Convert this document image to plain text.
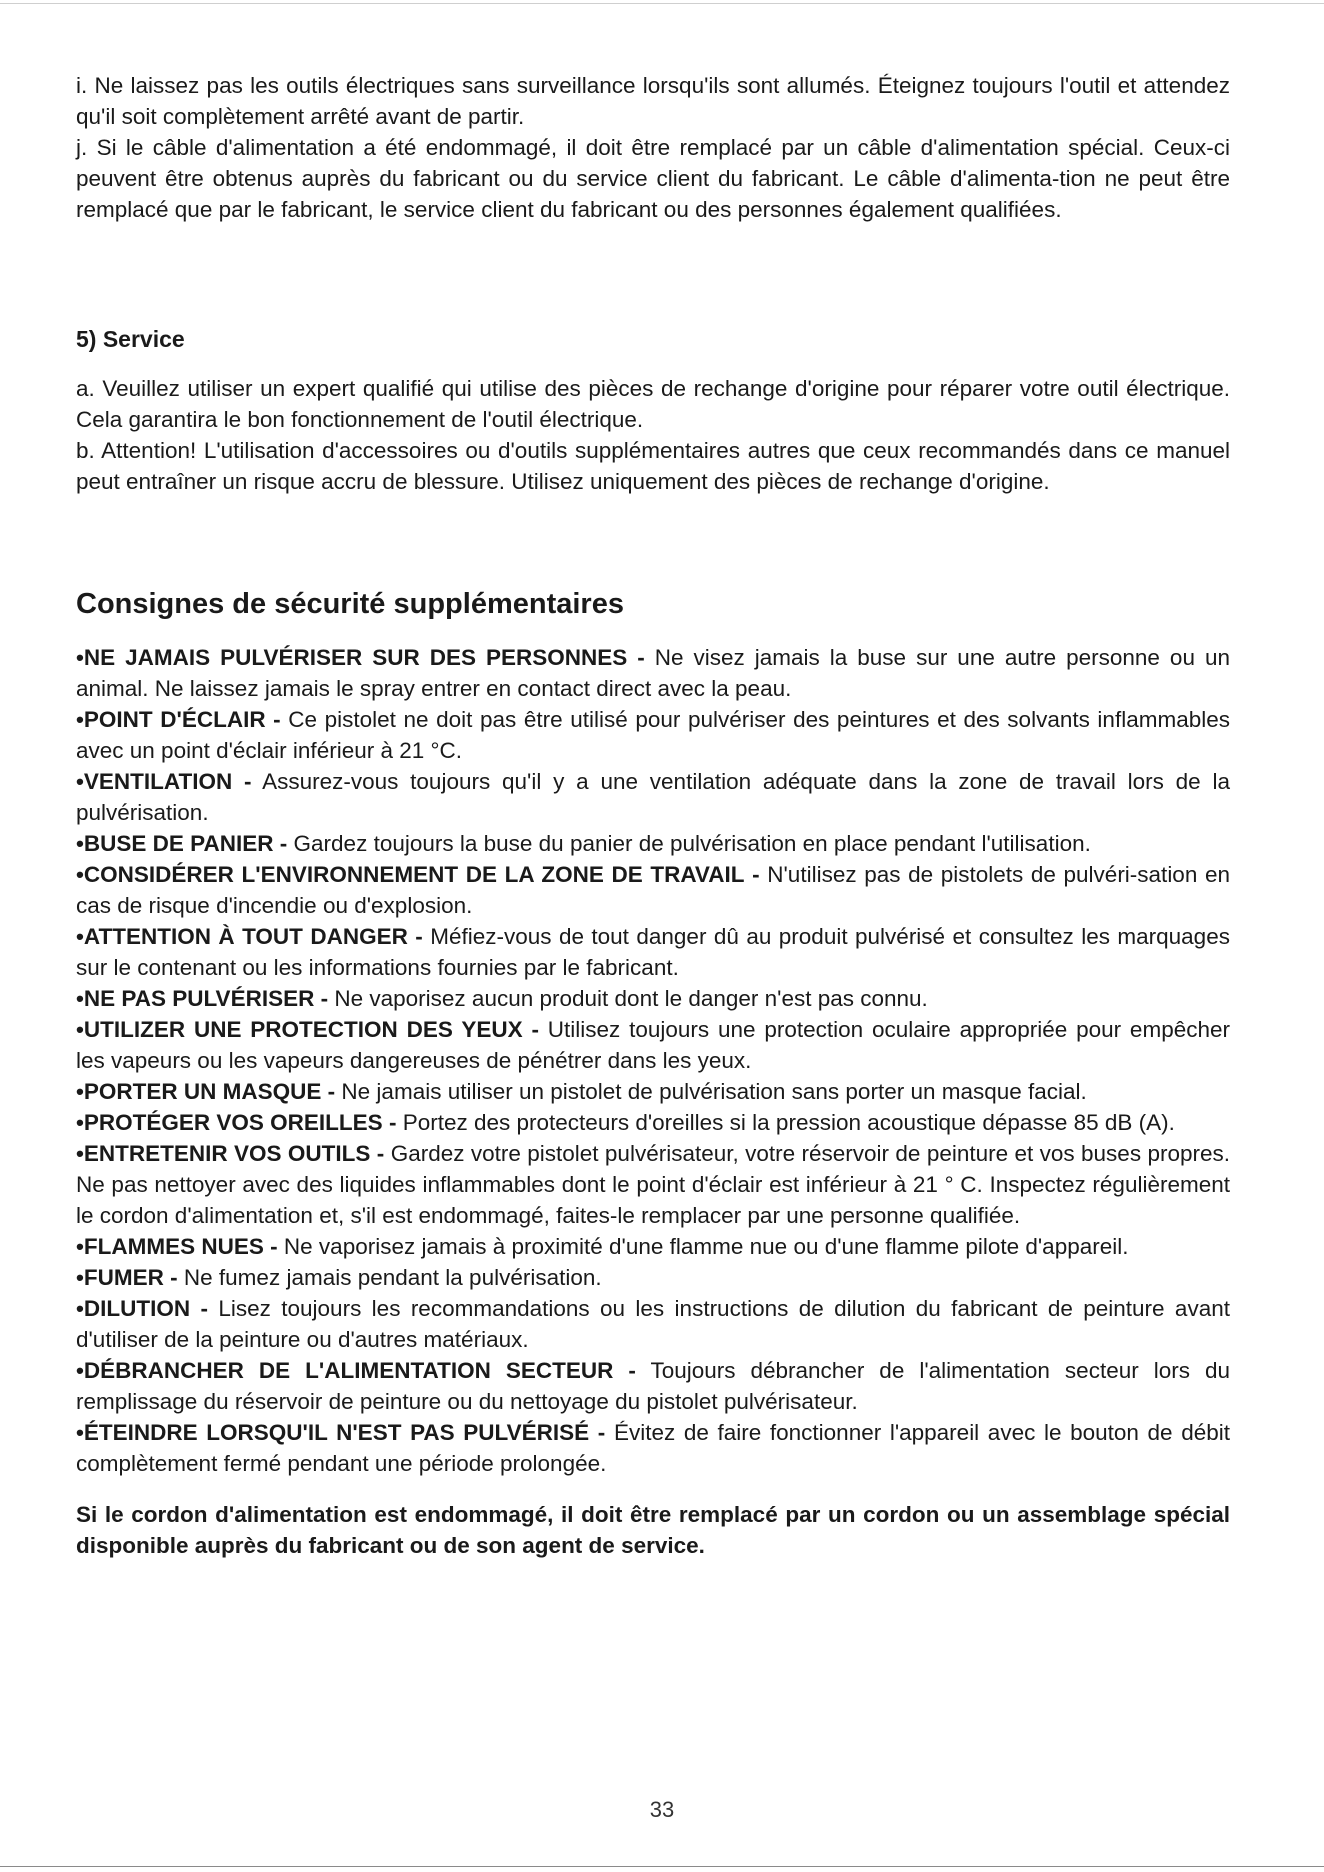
i. Ne laissez pas les outils électriques sans surveillance lorsqu'ils sont allumés. Éteignez toujours l'outil et attendez qu'il soit complètement arrêté avant de partir.

j. Si le câble d'alimentation a été endommagé, il doit être remplacé par un câble d'alimentation spécial. Ceux-ci peuvent être obtenus auprès du fabricant ou du service client du fabricant. Le câble d'alimenta-tion ne peut être remplacé que par le fabricant, le service client du fabricant ou des personnes également qualifiées.

5) Service

a. Veuillez utiliser un expert qualifié qui utilise des pièces de rechange d'origine pour réparer votre outil électrique. Cela garantira le bon fonctionnement de l'outil électrique.

b. Attention! L'utilisation d'accessoires ou d'outils supplémentaires autres que ceux recommandés dans ce manuel peut entraîner un risque accru de blessure. Utilisez uniquement des pièces de rechange d'origine.

Consignes de sécurité supplémentaires

•NE JAMAIS PULVÉRISER SUR DES PERSONNES - Ne visez jamais la buse sur une autre personne ou un animal. Ne laissez jamais le spray entrer en contact direct avec la peau.

•POINT D'ÉCLAIR - Ce pistolet ne doit pas être utilisé pour pulvériser des peintures et des solvants inflammables avec un point d'éclair inférieur à 21 °C.

•VENTILATION - Assurez-vous toujours qu'il y a une ventilation adéquate dans la zone de travail lors de la pulvérisation.

•BUSE DE PANIER - Gardez toujours la buse du panier de pulvérisation en place pendant l'utilisation.

•CONSIDÉRER L'ENVIRONNEMENT DE LA ZONE DE TRAVAIL - N'utilisez pas de pistolets de pulvéri-sation en cas de risque d'incendie ou d'explosion.

•ATTENTION À TOUT DANGER - Méfiez-vous de tout danger dû au produit pulvérisé et consultez les marquages sur le contenant ou les informations fournies par le fabricant.

•NE PAS PULVÉRISER - Ne vaporisez aucun produit dont le danger n'est pas connu.

•UTILIZER UNE PROTECTION DES YEUX - Utilisez toujours une protection oculaire appropriée pour empêcher les vapeurs ou les vapeurs dangereuses de pénétrer dans les yeux.

•PORTER UN MASQUE - Ne jamais utiliser un pistolet de pulvérisation sans porter un masque facial.

•PROTÉGER VOS OREILLES - Portez des protecteurs d'oreilles si la pression acoustique dépasse 85 dB (A).

•ENTRETENIR VOS OUTILS - Gardez votre pistolet pulvérisateur, votre réservoir de peinture et vos buses propres. Ne pas nettoyer avec des liquides inflammables dont le point d'éclair est inférieur à 21 ° C. Inspectez régulièrement le cordon d'alimentation et, s'il est endommagé, faites-le remplacer par une personne qualifiée.

•FLAMMES NUES - Ne vaporisez jamais à proximité d'une flamme nue ou d'une flamme pilote d'appareil.

•FUMER - Ne fumez jamais pendant la pulvérisation.

•DILUTION - Lisez toujours les recommandations ou les instructions de dilution du fabricant de peinture avant d'utiliser de la peinture ou d'autres matériaux.

•DÉBRANCHER DE L'ALIMENTATION SECTEUR - Toujours débrancher de l'alimentation secteur lors du remplissage du réservoir de peinture ou du nettoyage du pistolet pulvérisateur.

•ÉTEINDRE LORSQU'IL N'EST PAS PULVÉRISÉ - Évitez de faire fonctionner l'appareil avec le bouton de débit complètement fermé pendant une période prolongée.

Si le cordon d'alimentation est endommagé, il doit être remplacé par un cordon ou un assemblage spécial disponible auprès du fabricant ou de son agent de service.

33
